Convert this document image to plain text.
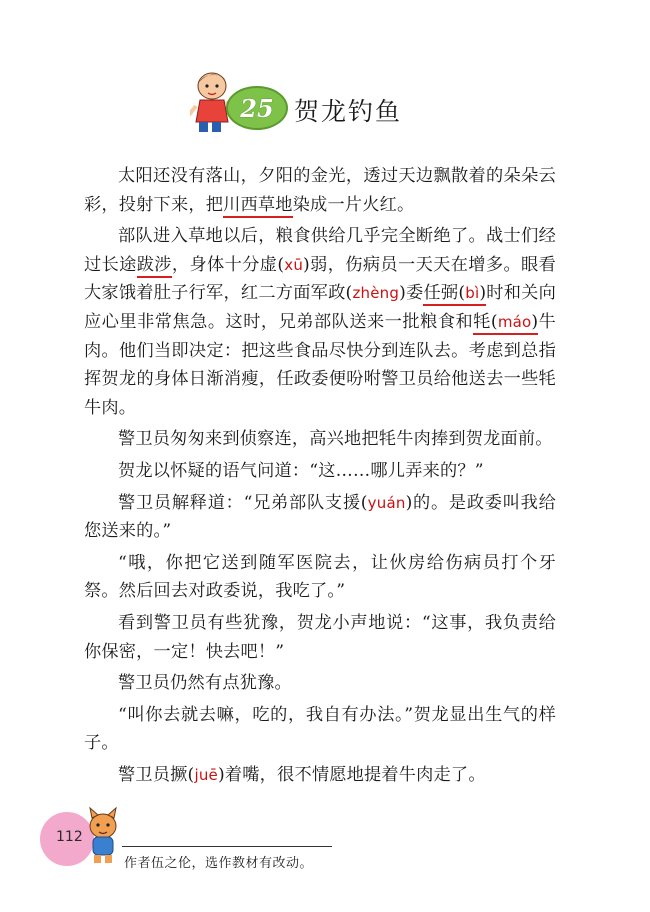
25 贺龙钓鱼

太阳还没有落山，夕阳的金光，透过天边飘散着的朵朵云彩，投射下来，把川西草地染成一片火红。

部队进入草地以后，粮食供给几乎完全断绝了。战士们经过长途跋涉，身体十分虚(xū)弱，伤病员一天天在增多。眼看大家饿着肚子行军，红二方面军政(zhèng)委任弼(bì)时和关向应心里非常焦急。这时，兄弟部队送来一批粮食和牦(máo)牛肉。他们当即决定：把这些食品尽快分到连队去。考虑到总指挥贺龙的身体日渐消瘦，任政委便吩咐警卫员给他送去一些牦牛肉。

警卫员匆匆来到侦察连，高兴地把牦牛肉捧到贺龙面前。

贺龙以怀疑的语气问道：“这……哪儿弄来的？”

警卫员解释道：“兄弟部队支援(yuán)的。是政委叫我给您送来的。”

“哦，你把它送到随军医院去，让伙房给伤病员打个牙祭。然后回去对政委说，我吃了。”

看到警卫员有些犹豫，贺龙小声地说：“这事，我负责给你保密，一定！快去吧！”

警卫员仍然有点犹豫。

“叫你去就去嘛，吃的，我自有办法。”贺龙显出生气的样子。

警卫员撅(juē)着嘴，很不情愿地提着牛肉走了。

112
作者伍之伦，选作教材有改动。
